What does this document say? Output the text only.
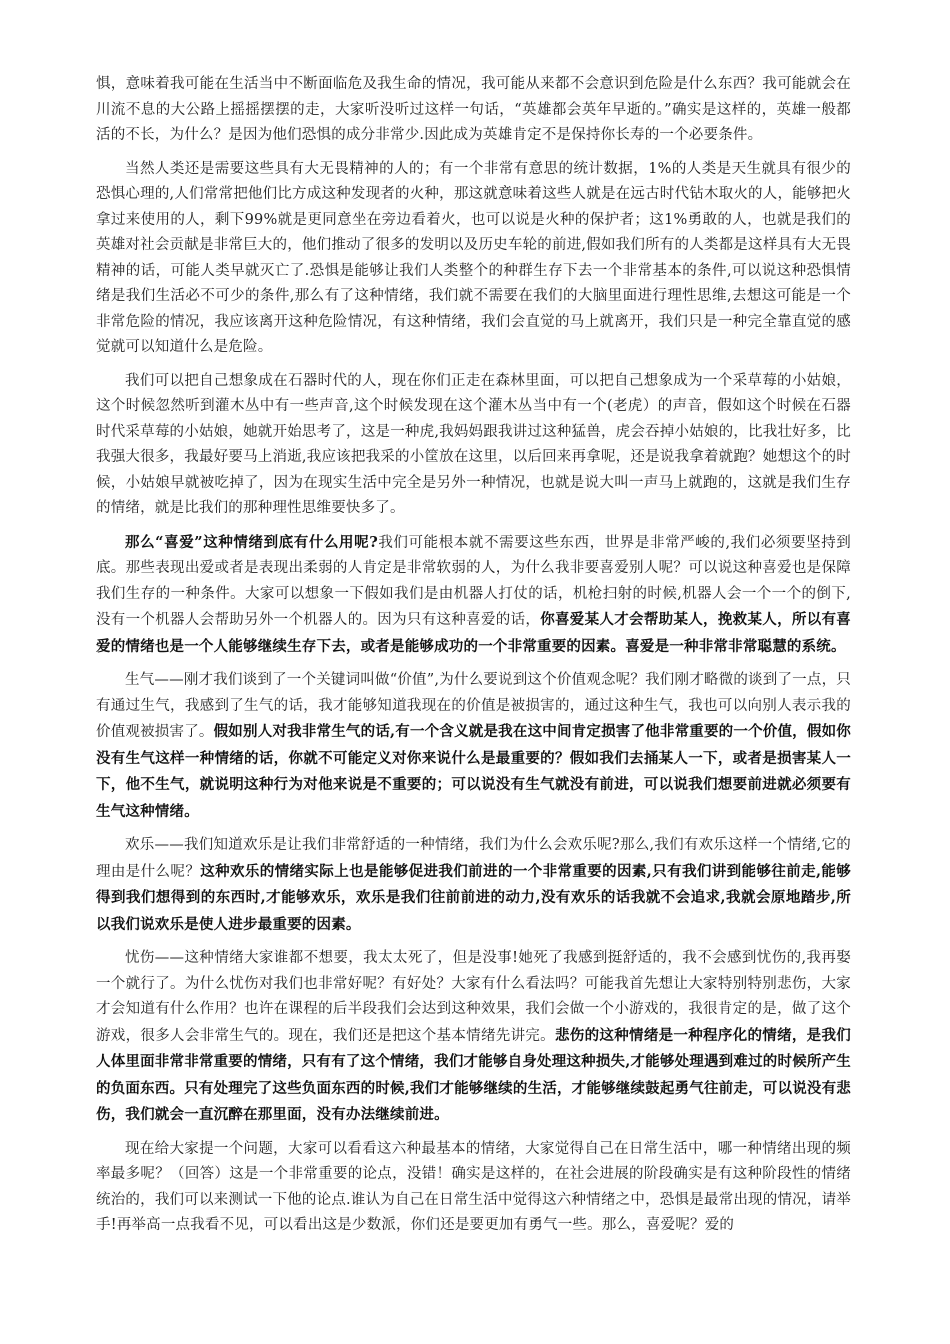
惧，意味着我可能在生活当中不断面临危及我生命的情况，我可能从来都不会意识到危险是什么东西？我可能就会在川流不息的大公路上摇摇摆摆的走，大家听没听过这样一句话，“英雄都会英年早逝的。”确实是这样的，英雄一般都活的不长，为什么？是因为他们恐惧的成分非常少.因此成为英雄肯定不是保持你长寿的一个必要条件。

当然人类还是需要这些具有大无畏精神的人的；有一个非常有意思的统计数据，1%的人类是天生就具有很少的恐惧心理的,人们常常把他们比方成这种发现者的火种，那这就意味着这些人就是在远古时代钻木取火的人，能够把火拿过来使用的人，剩下99%就是更同意坐在旁边看着火，也可以说是火种的保护者；这1%勇敢的人，也就是我们的英雄对社会贡献是非常巨大的，他们推动了很多的发明以及历史车轮的前进,假如我们所有的人类都是这样具有大无畏精神的话，可能人类早就灭亡了.恐惧是能够让我们人类整个的种群生存下去一个非常基本的条件,可以说这种恐惧情绪是我们生活必不可少的条件,那么有了这种情绪，我们就不需要在我们的大脑里面进行理性思维,去想这可能是一个非常危险的情况，我应该离开这种危险情况，有这种情绪，我们会直觉的马上就离开，我们只是一种完全靠直觉的感觉就可以知道什么是危险。

我们可以把自己想象成在石器时代的人，现在你们正走在森林里面，可以把自己想象成为一个采草莓的小姑娘，这个时候忽然听到灌木丛中有一些声音,这个时候发现在这个灌木丛当中有一个(老虎）的声音，假如这个时候在石器时代采草莓的小姑娘，她就开始思考了，这是一种虎,我妈妈跟我讲过这种猛兽，虎会吞掉小姑娘的，比我壮好多，比我强大很多，我最好要马上消逝,我应该把我采的小筐放在这里，以后回来再拿呢，还是说我拿着就跑？她想这个的时候，小姑娘早就被吃掉了，因为在现实生活中完全是另外一种情况，也就是说大叫一声马上就跑的，这就是我们生存的情绪，就是比我们的那种理性思维要快多了。

那么“喜爱”这种情绪到底有什么用呢?我们可能根本就不需要这些东西，世界是非常严峻的,我们必须要坚持到底。那些表现出爱或者是表现出柔弱的人肯定是非常软弱的人，为什么我非要喜爱别人呢？可以说这种喜爱也是保障我们生存的一种条件。大家可以想象一下假如我们是由机器人打仗的话，机枪扫射的时候,机器人会一个一个的倒下,没有一个机器人会帮助另外一个机器人的。因为只有这种喜爱的话，你喜爱某人才会帮助某人，挽救某人，所以有喜爱的情绪也是一个人能够继续生存下去，或者是能够成功的一个非常重要的因素。喜爱是一种非常非常聪慧的系统。

生气——刚才我们谈到了一个关键词叫做“价值”,为什么要说到这个价值观念呢？我们刚才略微的谈到了一点，只有通过生气，我感到了生气的话，我才能够知道我现在的价值是被损害的，通过这种生气，我也可以向别人表示我的价值观被损害了。假如别人对我非常生气的话,有一个含义就是我在这中间肯定损害了他非常重要的一个价值，假如你没有生气这样一种情绪的话，你就不可能定义对你来说什么是最重要的？假如我们去捅某人一下，或者是损害某人一下，他不生气，就说明这种行为对他来说是不重要的；可以说没有生气就没有前进，可以说我们想要前进就必须要有生气这种情绪。

欢乐——我们知道欢乐是让我们非常舒适的一种情绪，我们为什么会欢乐呢?那么,我们有欢乐这样一个情绪,它的理由是什么呢？这种欢乐的情绪实际上也是能够促进我们前进的一个非常重要的因素,只有我们讲到能够往前走,能够得到我们想得到的东西时,才能够欢乐，欢乐是我们往前前进的动力,没有欢乐的话我就不会追求,我就会原地踏步,所以我们说欢乐是使人进步最重要的因素。

忧伤——这种情绪大家谁都不想要，我太太死了，但是没事!她死了我感到挺舒适的，我不会感到忧伤的,我再娶一个就行了。为什么忧伤对我们也非常好呢？有好处？大家有什么看法吗？可能我首先想让大家特别特别悲伤，大家才会知道有什么作用？也许在课程的后半段我们会达到这种效果，我们会做一个小游戏的，我很肯定的是，做了这个游戏，很多人会非常生气的。现在，我们还是把这个基本情绪先讲完。悲伤的这种情绪是一种程序化的情绪，是我们人体里面非常非常重要的情绪，只有有了这个情绪，我们才能够自身处理这种损失,才能够处理遇到难过的时候所产生的负面东西。只有处理完了这些负面东西的时候,我们才能够继续的生活，才能够继续鼓起勇气往前走，可以说没有悲伤，我们就会一直沉醉在那里面，没有办法继续前进。

现在给大家提一个问题，大家可以看看这六种最基本的情绪，大家觉得自己在日常生活中，哪一种情绪出现的频率最多呢？（回答）这是一个非常重要的论点，没错！确实是这样的，在社会进展的阶段确实是有这种阶段性的情绪统治的，我们可以来测试一下他的论点.谁认为自己在日常生活中觉得这六种情绪之中，恐惧是最常出现的情况，请举手!再举高一点我看不见，可以看出这是少数派，你们还是要更加有勇气一些。那么，喜爱呢？爱的
